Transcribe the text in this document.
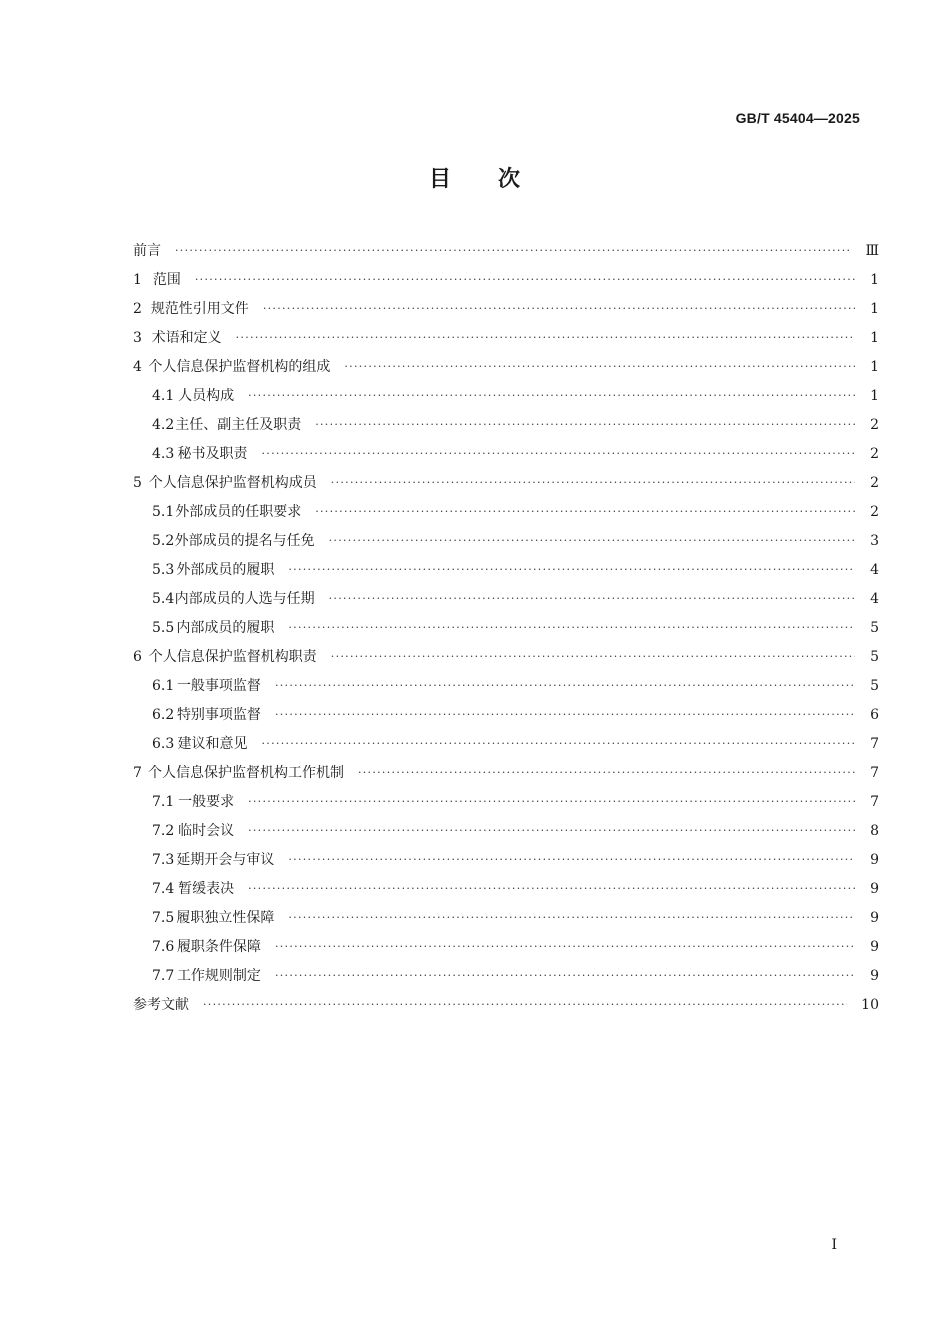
GB/T 45404—2025
目 次
前言 ·····	Ⅲ
1 范围 ·····	1
2 规范性引用文件 ·····	1
3 术语和定义 ·····	1
4 个人信息保护监督机构的组成 ·····	1
4.1 人员构成 ·····	1
4.2 主任、副主任及职责 ·····	2
4.3 秘书及职责 ·····	2
5 个人信息保护监督机构成员 ·····	2
5.1 外部成员的任职要求 ·····	2
5.2 外部成员的提名与任免 ·····	3
5.3 外部成员的履职 ·····	4
5.4 内部成员的人选与任期 ·····	4
5.5 内部成员的履职 ·····	5
6 个人信息保护监督机构职责 ·····	5
6.1 一般事项监督 ·····	5
6.2 特别事项监督 ·····	6
6.3 建议和意见 ·····	7
7 个人信息保护监督机构工作机制 ·····	7
7.1 一般要求 ·····	7
7.2 临时会议 ·····	8
7.3 延期开会与审议 ·····	9
7.4 暂缓表决 ·····	9
7.5 履职独立性保障 ·····	9
7.6 履职条件保障 ·····	9
7.7 工作规则制定 ·····	9
参考文献 ·····	10
Ⅰ
